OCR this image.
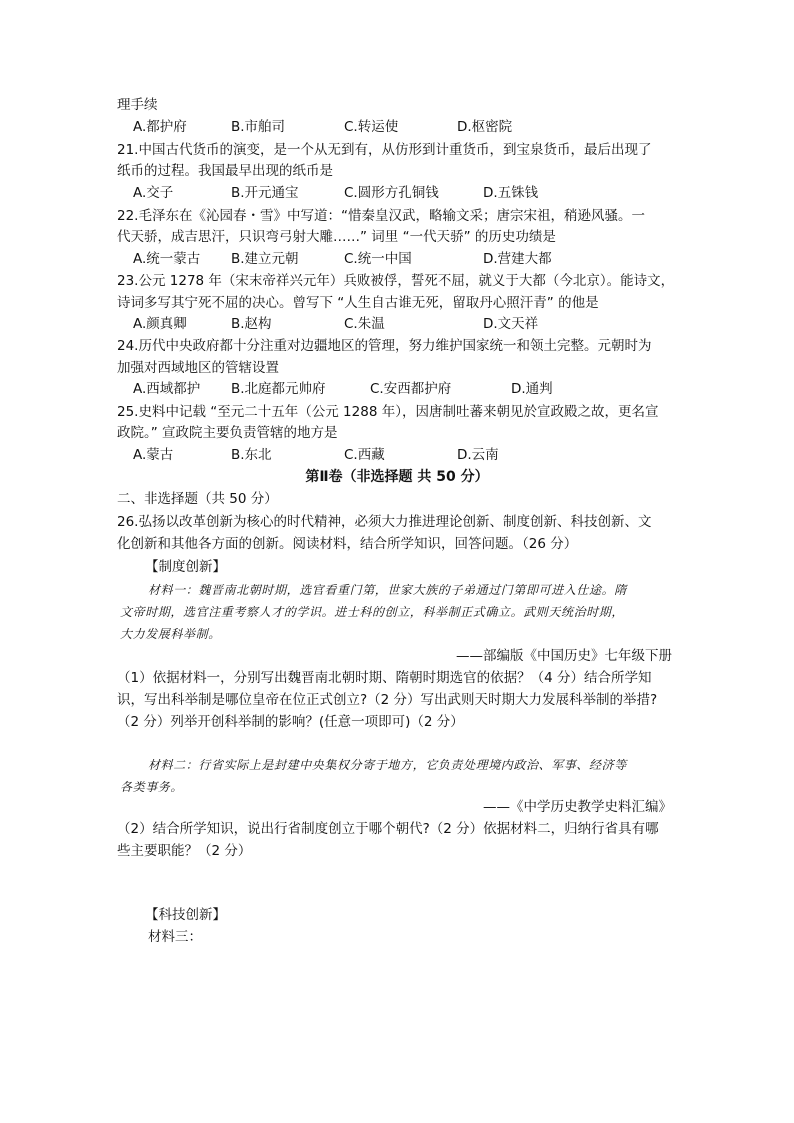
理手续
A.都护府	B.市舶司	C.转运使	D.枢密院
21.中国古代货币的演变，是一个从无到有，从仿形到计重货币，到宝泉货币，最后出现了
纸币的过程。我国最早出现的纸币是
A.交子	B.开元通宝	C.圆形方孔铜钱	D.五铢钱
22.毛泽东在《沁园春・雪》中写道：“惜秦皇汉武，略输文采；唐宗宋祖，稍逊风骚。一
代天骄，成吉思汗，只识弯弓射大雕……” 词里 “一代天骄” 的历史功绩是
A.统一蒙古 B.建立元朝	C.统一中国	D.营建大都
23.公元 1278 年（宋末帝祥兴元年）兵败被俘，誓死不屈，就义于大都（今北京）。能诗文，
诗词多写其宁死不屈的决心。曾写下 “人生自古谁无死，留取丹心照汗青” 的他是
A.颜真卿	B.赵构	C.朱温	D.文天祥
24.历代中央政府都十分注重对边疆地区的管理，努力维护国家统一和领土完整。元朝时为
加强对西域地区的管辖设置
A.西域都护 B.北庭都元帅府	C.安西都护府	D.通判
25.史料中记载 “至元二十五年（公元 1288 年），因唐制吐蕃来朝见於宣政殿之故，更名宣
政院。” 宣政院主要负责管辖的地方是
A.蒙古	B.东北	C.西藏	D.云南
第Ⅱ卷（非选择题 共 50 分）
二、非选择题（共 50 分）
26.弘扬以改革创新为核心的时代精神，必须大力推进理论创新、制度创新、科技创新、文
化创新和其他各方面的创新。阅读材料，结合所学知识，回答问题。（26 分）
【制度创新】
材料一：魏晋南北朝时期，选官看重门第，世家大族的子弟通过门第即可进入仕途。隋
文帝时期，选官注重考察人才的学识。进士科的创立，科举制正式确立。武则天统治时期，
大力发展科举制。
——部编版《中国历史》七年级下册
（1）依据材料一，分别写出魏晋南北朝时期、隋朝时期选官的依据？（4 分）结合所学知
识，写出科举制是哪位皇帝在位正式创立?（2 分）写出武则天时期大力发展科举制的举措?
（2 分）列举开创科举制的影响？(任意一项即可)（2 分）
材料二：行省实际上是封建中央集权分寄于地方，它负责处理境内政治、军事、经济等
各类事务。
——《中学历史教学史料汇编》
（2）结合所学知识，说出行省制度创立于哪个朝代?（2 分）依据材料二，归纳行省具有哪
些主要职能？（2 分）
【科技创新】
材料三：
